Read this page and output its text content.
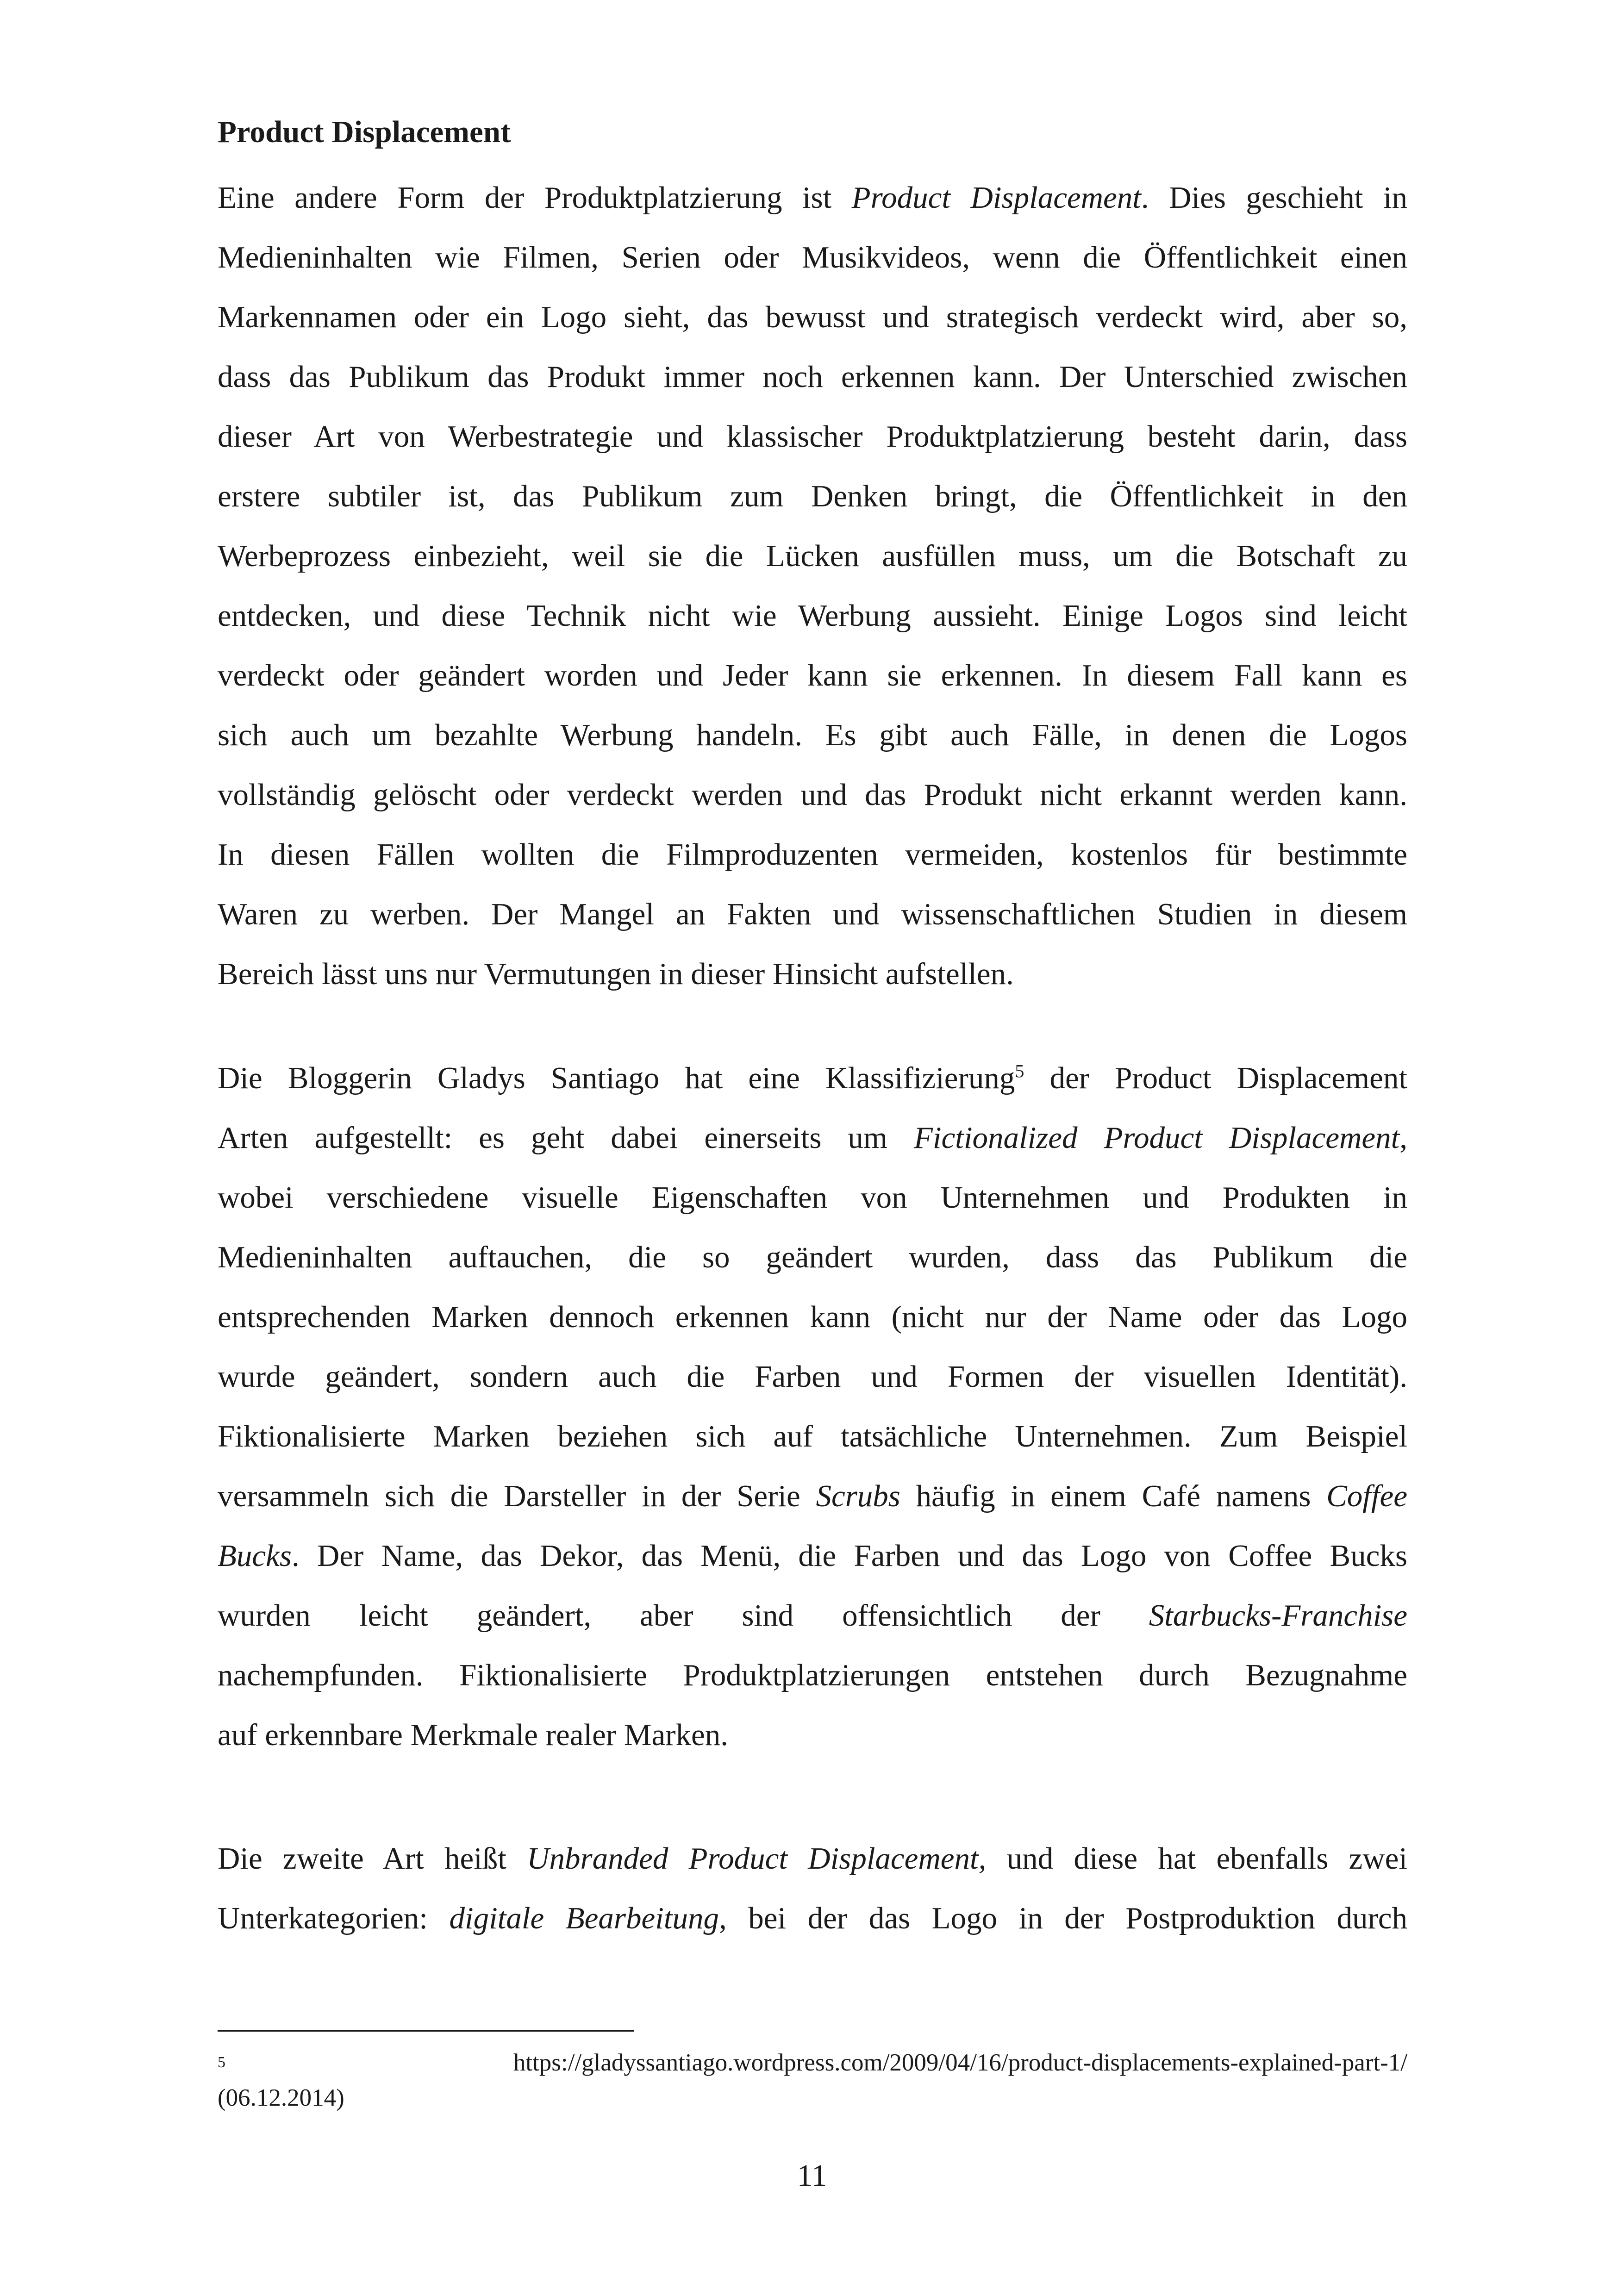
Product Displacement
Eine andere Form der Produktplatzierung ist Product Displacement. Dies geschieht in
Medieninhalten wie Filmen, Serien oder Musikvideos, wenn die Öffentlichkeit einen
Markennamen oder ein Logo sieht, das bewusst und strategisch verdeckt wird, aber so,
dass das Publikum das Produkt immer noch erkennen kann. Der Unterschied zwischen
dieser Art von Werbestrategie und klassischer Produktplatzierung besteht darin, dass
erstere subtiler ist, das Publikum zum Denken bringt, die Öffentlichkeit in den
Werbeprozess einbezieht, weil sie die Lücken ausfüllen muss, um die Botschaft zu
entdecken, und diese Technik nicht wie Werbung aussieht. Einige Logos sind leicht
verdeckt oder geändert worden und Jeder kann sie erkennen. In diesem Fall kann es
sich auch um bezahlte Werbung handeln. Es gibt auch Fälle, in denen die Logos
vollständig gelöscht oder verdeckt werden und das Produkt nicht erkannt werden kann.
In diesen Fällen wollten die Filmproduzenten vermeiden, kostenlos für bestimmte
Waren zu werben. Der Mangel an Fakten und wissenschaftlichen Studien in diesem
Bereich lässt uns nur Vermutungen in dieser Hinsicht aufstellen.
Die Bloggerin Gladys Santiago hat eine Klassifizierung$^5$ der Product Displacement
Arten aufgestellt: es geht dabei einerseits um Fictionalized Product Displacement,
wobei verschiedene visuelle Eigenschaften von Unternehmen und Produkten in
Medieninhalten auftauchen, die so geändert wurden, dass das Publikum die
entsprechenden Marken dennoch erkennen kann (nicht nur der Name oder das Logo
wurde geändert, sondern auch die Farben und Formen der visuellen Identität).
Fiktionalisierte Marken beziehen sich auf tatsächliche Unternehmen. Zum Beispiel
versammeln sich die Darsteller in der Serie Scrubs häufig in einem Café namens Coffee
Bucks. Der Name, das Dekor, das Menü, die Farben und das Logo von Coffee Bucks
wurden leicht geändert, aber sind offensichtlich der Starbucks-Franchise
nachempfunden. Fiktionalisierte Produktplatzierungen entstehen durch Bezugnahme
auf erkennbare Merkmale realer Marken.
Die zweite Art heißt Unbranded Product Displacement, und diese hat ebenfalls zwei
Unterkategorien: digitale Bearbeitung, bei der das Logo in der Postproduktion durch
5	https://gladyssantiago.wordpress.com/2009/04/16/product-displacements-explained-part-1/
(06.12.2014)
11
